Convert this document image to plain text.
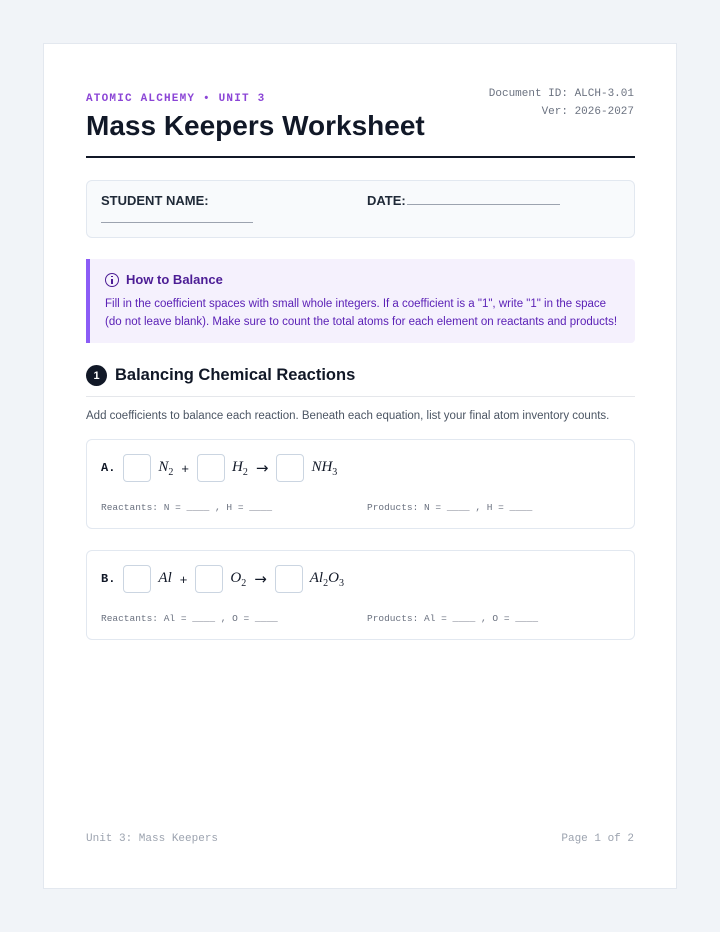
ATOMIC ALCHEMY • UNIT 3
Mass Keepers Worksheet
Document ID: ALCH-3.01
Ver: 2026-2027
STUDENT NAME:	DATE:
How to Balance
Fill in the coefficient spaces with small whole integers. If a coefficient is a "1", write "1" in the space (do not leave blank). Make sure to count the total atoms for each element on reactants and products!
1 Balancing Chemical Reactions
Add coefficients to balance each reaction. Beneath each equation, list your final atom inventory counts.
A.	$N_2$ +	$H_2$ →	$NH_3$
Reactants: N = ____ , H = ____	Products: N = ____ , H = ____
B.	Al +	$O_2$ →	$Al_2O_3$
Reactants: Al = ____ , O = ____	Products: Al = ____ , O = ____
Unit 3: Mass Keepers	Page 1 of 2
